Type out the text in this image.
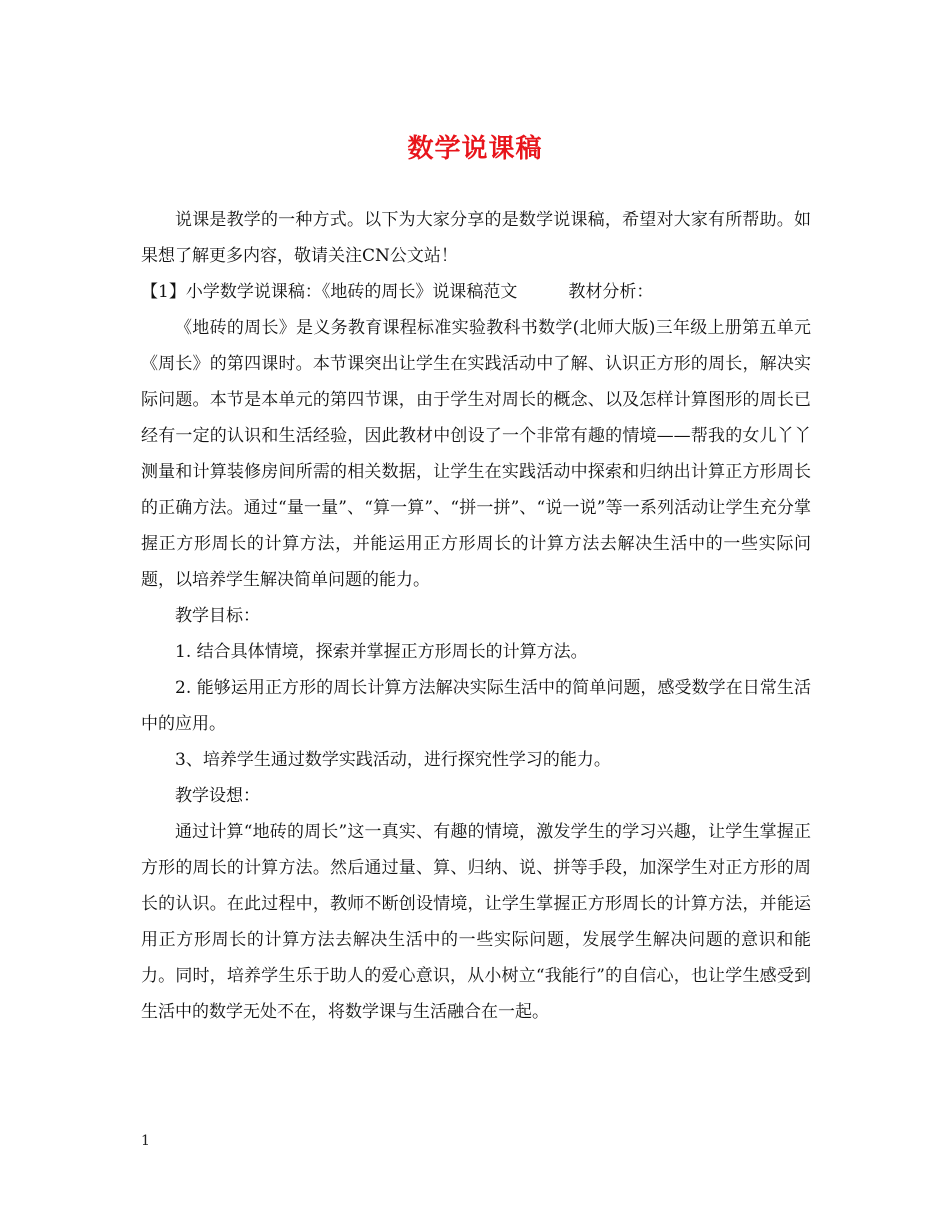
数学说课稿

说课是教学的一种方式。以下为大家分享的是数学说课稿，希望对大家有所帮助。如果想了解更多内容，敬请关注CN公文站！

【1】小学数学说课稿：《地砖的周长》说课稿范文　　　教材分析：

《地砖的周长》是义务教育课程标准实验教科书数学(北师大版)三年级上册第五单元《周长》的第四课时。本节课突出让学生在实践活动中了解、认识正方形的周长，解决实际问题。本节是本单元的第四节课，由于学生对周长的概念、以及怎样计算图形的周长已经有一定的认识和生活经验，因此教材中创设了一个非常有趣的情境——帮我的女儿丫丫测量和计算装修房间所需的相关数据，让学生在实践活动中探索和归纳出计算正方形周长的正确方法。通过“量一量”、“算一算”、“拼一拼”、“说一说”等一系列活动让学生充分掌握正方形周长的计算方法，并能运用正方形周长的计算方法去解决生活中的一些实际问题，以培养学生解决简单问题的能力。

教学目标：

1. 结合具体情境，探索并掌握正方形周长的计算方法。

2. 能够运用正方形的周长计算方法解决实际生活中的简单问题，感受数学在日常生活中的应用。

3、培养学生通过数学实践活动，进行探究性学习的能力。

教学设想：

通过计算“地砖的周长”这一真实、有趣的情境，激发学生的学习兴趣，让学生掌握正方形的周长的计算方法。然后通过量、算、归纳、说、拼等手段，加深学生对正方形的周长的认识。在此过程中，教师不断创设情境，让学生掌握正方形周长的计算方法，并能运用正方形周长的计算方法去解决生活中的一些实际问题，发展学生解决问题的意识和能力。同时，培养学生乐于助人的爱心意识，从小树立“我能行”的自信心，也让学生感受到生活中的数学无处不在，将数学课与生活融合在一起。

1
